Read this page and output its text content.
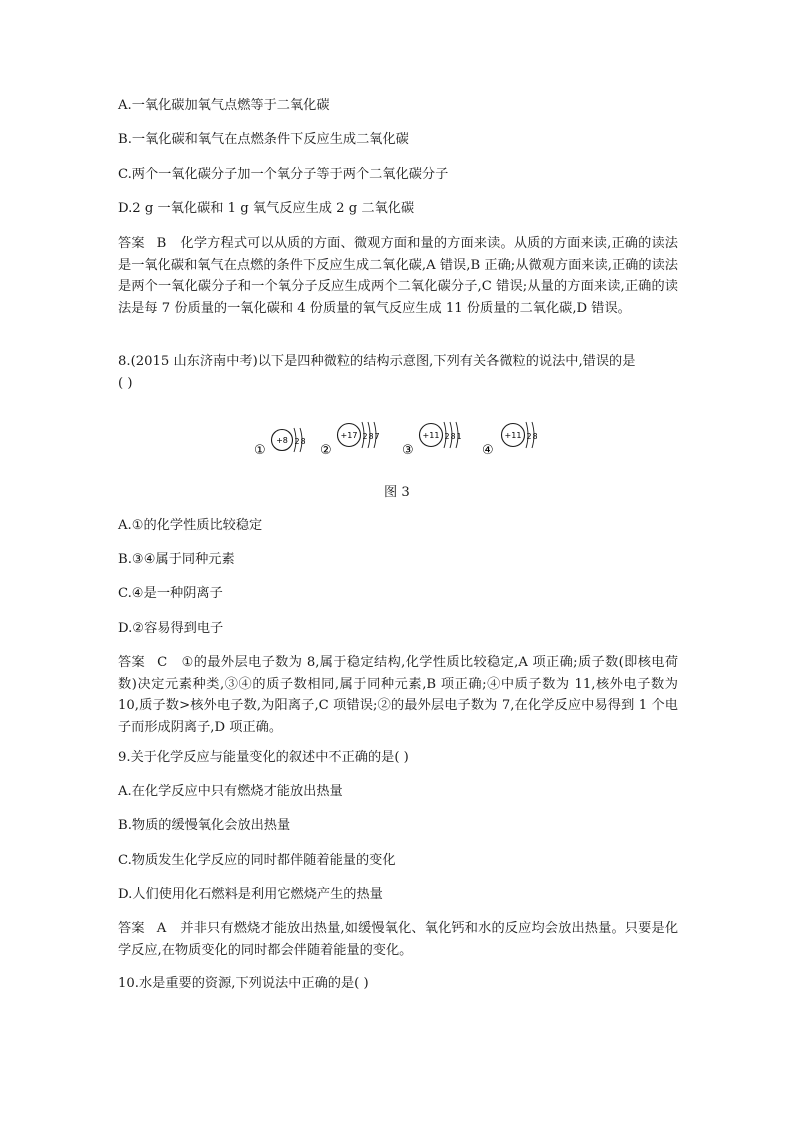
A.一氧化碳加氧气点燃等于二氧化碳
B.一氧化碳和氧气在点燃条件下反应生成二氧化碳
C.两个一氧化碳分子加一个氧分子等于两个二氧化碳分子
D.2 g 一氧化碳和 1 g 氧气反应生成 2 g 二氧化碳
答案 B 化学方程式可以从质的方面、微观方面和量的方面来读。从质的方面来读,正确的读法是一氧化碳和氧气在点燃的条件下反应生成二氧化碳,A 错误,B 正确;从微观方面来读,正确的读法是两个一氧化碳分子和一个氧分子反应生成两个二氧化碳分子,C 错误;从量的方面来读,正确的读法是每 7 份质量的一氧化碳和 4 份质量的氧气反应生成 11 份质量的二氧化碳,D 错误。
8.(2015 山东济南中考)以下是四种微粒的结构示意图,下列有关各微粒的说法中,错误的是
( )
①
+8 2 8
②
+17 2 8 7
③
+11 2 8 1
④
+11 2 8
图 3
A.①的化学性质比较稳定
B.③④属于同种元素
C.④是一种阴离子
D.②容易得到电子
答案 C ①的最外层电子数为 8,属于稳定结构,化学性质比较稳定,A 项正确;质子数(即核电荷数)决定元素种类,③④的质子数相同,属于同种元素,B 项正确;④中质子数为 11,核外电子数为 10,质子数>核外电子数,为阳离子,C 项错误;②的最外层电子数为 7,在化学反应中易得到 1 个电子而形成阴离子,D 项正确。
9.关于化学反应与能量变化的叙述中不正确的是( )
A.在化学反应中只有燃烧才能放出热量
B.物质的缓慢氧化会放出热量
C.物质发生化学反应的同时都伴随着能量的变化
D.人们使用化石燃料是利用它燃烧产生的热量
答案 A 并非只有燃烧才能放出热量,如缓慢氧化、氧化钙和水的反应均会放出热量。只要是化学反应,在物质变化的同时都会伴随着能量的变化。
10.水是重要的资源,下列说法中正确的是( )
